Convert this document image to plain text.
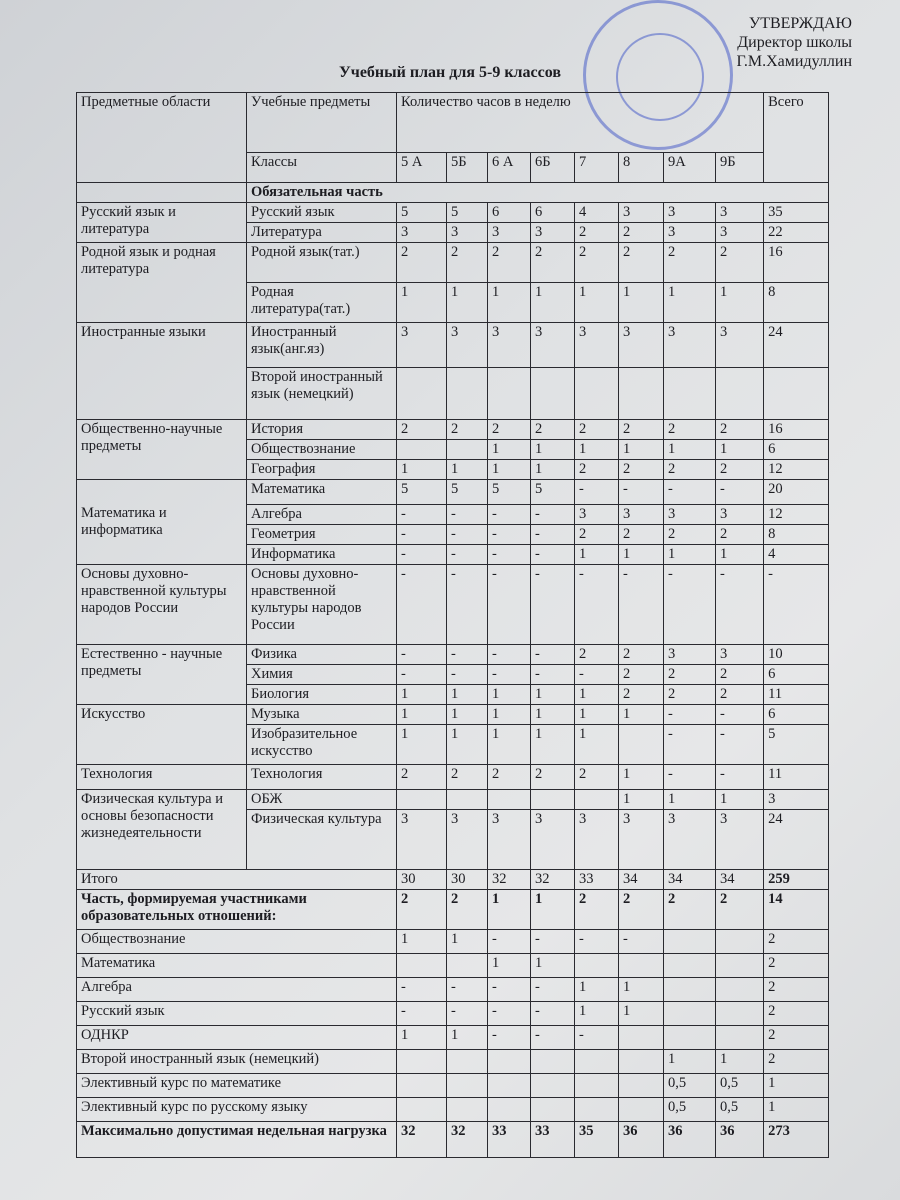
УТВЕРЖДАЮ
Директор школы
Г.М.Хамидуллин
Учебный план для 5-9 классов
Предметные области	Учебные предметы	Количество часов в неделю								Всего
	Классы	5 А	5Б	6 А	6Б	7	8	9А	9Б	
	Обязательная часть									
Русский язык и литература	Русский язык	5	5	6	6	4	3	3	3	35
	Литература	3	3	3	3	2	2	3	3	22
Родной язык и родная литература	Родной язык(тат.)	2	2	2	2	2	2	2	2	16
	Родная литература(тат.)	1	1	1	1	1	1	1	1	8
Иностранные языки	Иностранный язык(анг.яз)	3	3	3	3	3	3	3	3	24
	Второй иностранный язык (немецкий)									
Общественно-научные предметы	История	2	2	2	2	2	2	2	2	16
	Обществознание			1	1	1	1	1	1	6
	География	1	1	1	1	2	2	2	2	12
Математика и информатика	Математика	5	5	5	5	-	-	-	-	20
	Алгебра	-	-	-	-	3	3	3	3	12
	Геометрия	-	-	-	-	2	2	2	2	8
	Информатика	-	-	-	-	1	1	1	1	4
Основы духовно-нравственной культуры народов России	Основы духовно-нравственной культуры народов России	-	-	-	-	-	-	-	-	-
Естественно - научные предметы	Физика	-	-	-	-	2	2	3	3	10
	Химия	-	-	-	-	-	2	2	2	6
	Биология	1	1	1	1	1	2	2	2	11
Искусство	Музыка	1	1	1	1	1	1	-	-	6
	Изобразительное искусство	1	1	1	1	1		-	-	5
Технология	Технология	2	2	2	2	2	1	-	-	11
Физическая культура и основы безопасности жизнедеятельности	ОБЖ						1	1	1	3
	Физическая культура	3	3	3	3	3	3	3	3	24
Итого		30	30	32	32	33	34	34	34	259
Часть, формируемая участниками образовательных отношений:		2	2	1	1	2	2	2	2	14
Обществознание		1	1	-	-	-	-			2
Математика				1	1					2
Алгебра		-	-	-	-	1	1			2
Русский язык		-	-	-	-	1	1			2
ОДНКР		1	1	-	-	-				2
Второй иностранный язык (немецкий)								1	1	2
Элективный курс по математике								0,5	0,5	1
Элективный курс по русскому языку								0,5	0,5	1
Максимально допустимая недельная нагрузка		32	32	33	33	35	36	36	36	273
